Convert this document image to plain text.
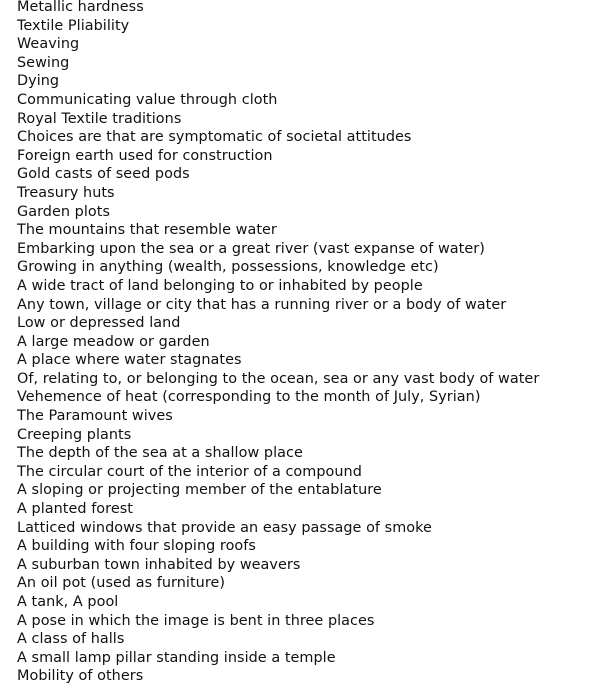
Metallic hardness
Textile Pliability
Weaving
Sewing
Dying
Communicating value through cloth
Royal Textile traditions
Choices are that are symptomatic of societal attitudes
Foreign earth used for construction
Gold casts of seed pods
Treasury huts
Garden plots
The mountains that resemble water
Embarking upon the sea or a great river (vast expanse of water)
Growing in anything (wealth, possessions, knowledge etc)
A wide tract of land belonging to or inhabited by people
Any town, village or city that has a running river or a body of water
Low or depressed land
A large meadow or garden
A place where water stagnates
Of, relating to, or belonging to the ocean, sea or any vast body of water
Vehemence of heat (corresponding to the month of July, Syrian)
The Paramount wives
Creeping plants
The depth of the sea at a shallow place
The circular court of the interior of a compound
A sloping or projecting member of the entablature
A planted forest
Latticed windows that provide an easy passage of smoke
A building with four sloping roofs
A suburban town inhabited by weavers
An oil pot (used as furniture)
A tank, A pool
A pose in which the image is bent in three places
A class of halls
A small lamp pillar standing inside a temple
Mobility of others
